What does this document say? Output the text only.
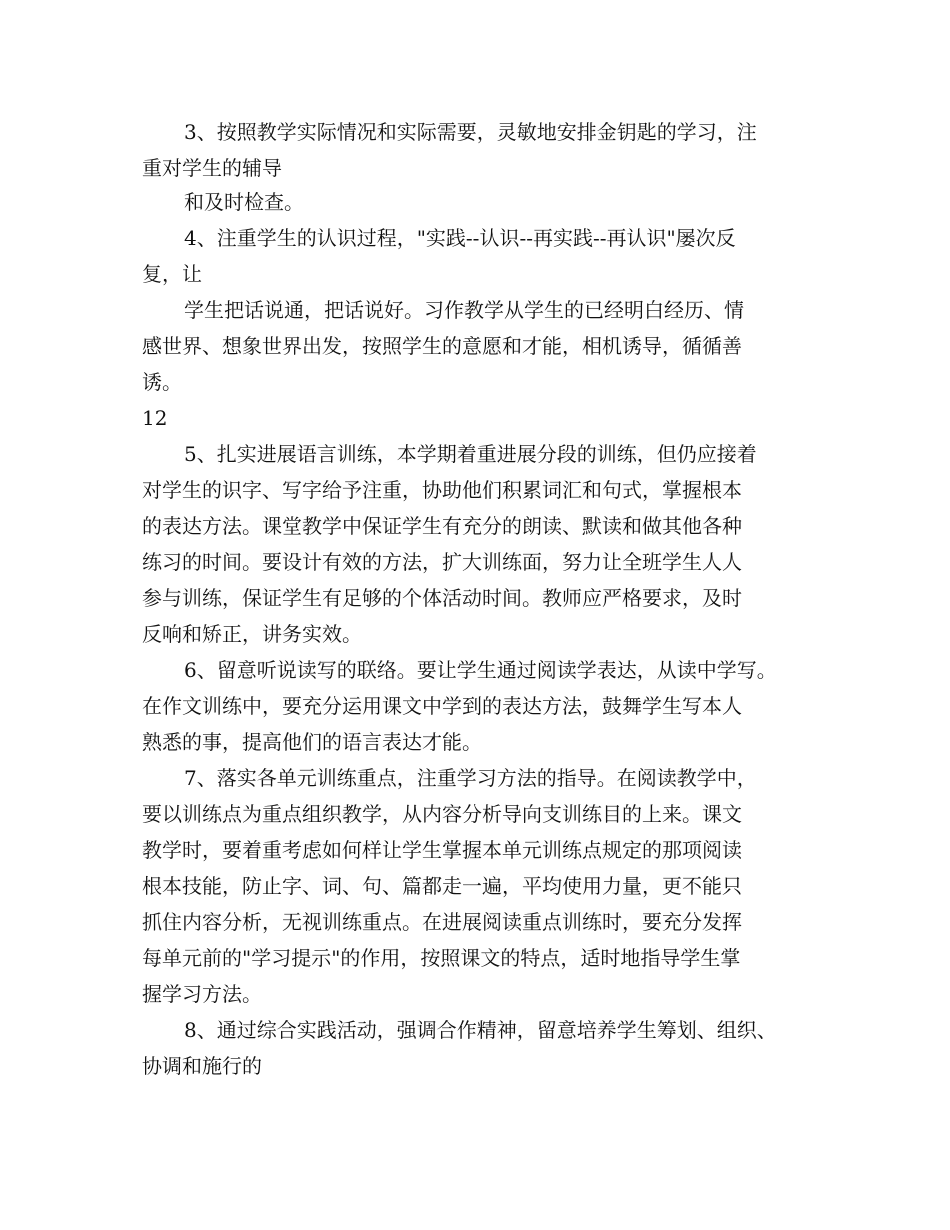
3、按照教学实际情况和实际需要，灵敏地安排金钥匙的学习，注
重对学生的辅导
和及时检查。
4、注重学生的认识过程，"实践--认识--再实践--再认识"屡次反
复，让
学生把话说通，把话说好。习作教学从学生的已经明白经历、情
感世界、想象世界出发，按照学生的意愿和才能，相机诱导，循循善
诱。
12
5、扎实进展语言训练，本学期着重进展分段的训练，但仍应接着
对学生的识字、写字给予注重，协助他们积累词汇和句式，掌握根本
的表达方法。课堂教学中保证学生有充分的朗读、默读和做其他各种
练习的时间。要设计有效的方法，扩大训练面，努力让全班学生人人
参与训练，保证学生有足够的个体活动时间。教师应严格要求，及时
反响和矫正，讲务实效。
6、留意听说读写的联络。要让学生通过阅读学表达，从读中学写。
在作文训练中，要充分运用课文中学到的表达方法，鼓舞学生写本人
熟悉的事，提高他们的语言表达才能。
7、落实各单元训练重点，注重学习方法的指导。在阅读教学中，
要以训练点为重点组织教学，从内容分析导向支训练目的上来。课文
教学时，要着重考虑如何样让学生掌握本单元训练点规定的那项阅读
根本技能，防止字、词、句、篇都走一遍，平均使用力量，更不能只
抓住内容分析，无视训练重点。在进展阅读重点训练时，要充分发挥
每单元前的"学习提示"的作用，按照课文的特点，适时地指导学生掌
握学习方法。
8、通过综合实践活动，强调合作精神，留意培养学生筹划、组织、
协调和施行的
